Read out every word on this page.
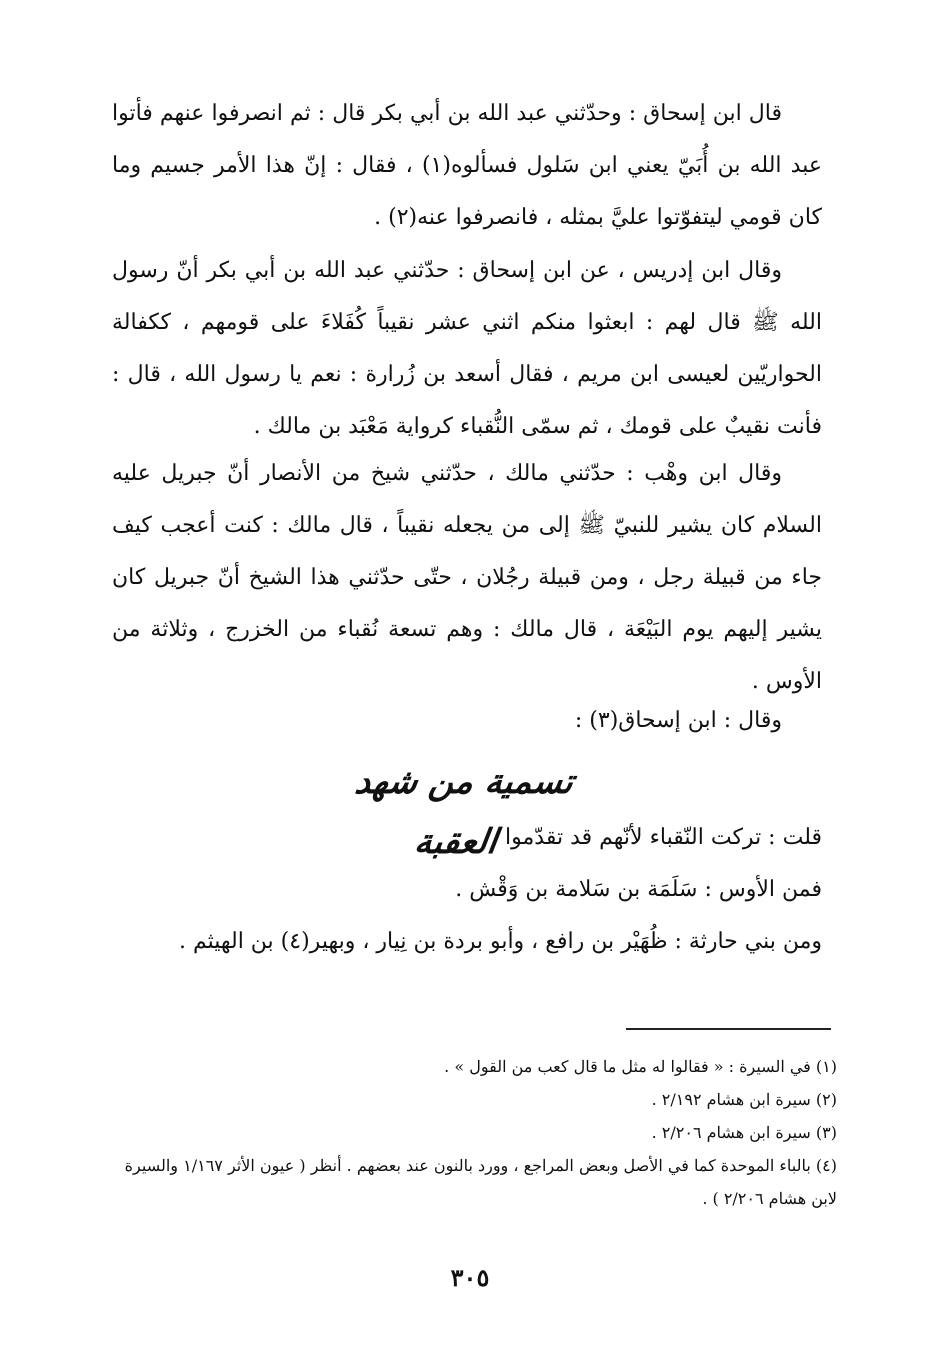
قال ابن إسحاق : وحدّثني عبد الله بن أبي بكر قال : ثم انصرفوا عنهم فأتوا عبد الله بن أُبَيّ يعني ابن سَلول فسألوه(١) ، فقال : إنّ هذا الأمر جسيم وما كان قومي ليتفوّتوا عليَّ بمثله ، فانصرفوا عنه(٢) .

وقال ابن إدريس ، عن ابن إسحاق : حدّثني عبد الله بن أبي بكر أنّ رسول الله ﷺ قال لهم : ابعثوا منكم اثني عشر نقيباً كُفَلاءَ على قومهم ، ككفالة الحواريّين لعيسى ابن مريم ، فقال أسعد بن زُرارة : نعم يا رسول الله ، قال : فأنت نقيبٌ على قومك ، ثم سمّى النُّقباء كرواية مَعْبَد بن مالك .

وقال ابن وهْب : حدّثني مالك ، حدّثني شيخ من الأنصار أنّ جبريل عليه السلام كان يشير للنبيّ ﷺ إلى من يجعله نقيباً ، قال مالك : كنت أعجب كيف جاء من قبيلة رجل ، ومن قبيلة رجُلان ، حتّى حدّثني هذا الشيخ أنّ جبريل كان يشير إليهم يوم البَيْعَة ، قال مالك : وهم تسعة نُقباء من الخزرج ، وثلاثة من الأوس .

وقال : ابن إسحاق(٣) :

تسمية من شهد العقبة

قلت : تركت النّقباء لأنّهم قد تقدّموا .

فمن الأوس : سَلَمَة بن سَلامة بن وَقْش .

ومن بني حارثة : ظُهَيْر بن رافع ، وأبو بردة بن نِيار ، وبهير(٤) بن الهيثم .

(١) في السيرة : « فقالوا له مثل ما قال كعب من القول » .

(٢) سيرة ابن هشام ٢/١٩٢ .

(٣) سيرة ابن هشام ٢/٢٠٦ .

(٤) بالباء الموحدة كما في الأصل وبعض المراجع ، وورد بالنون عند بعضهم . أنظر ( عيون الأثر ١/١٦٧ والسيرة لابن هشام ٢/٢٠٦ ) .

٣٠٥
